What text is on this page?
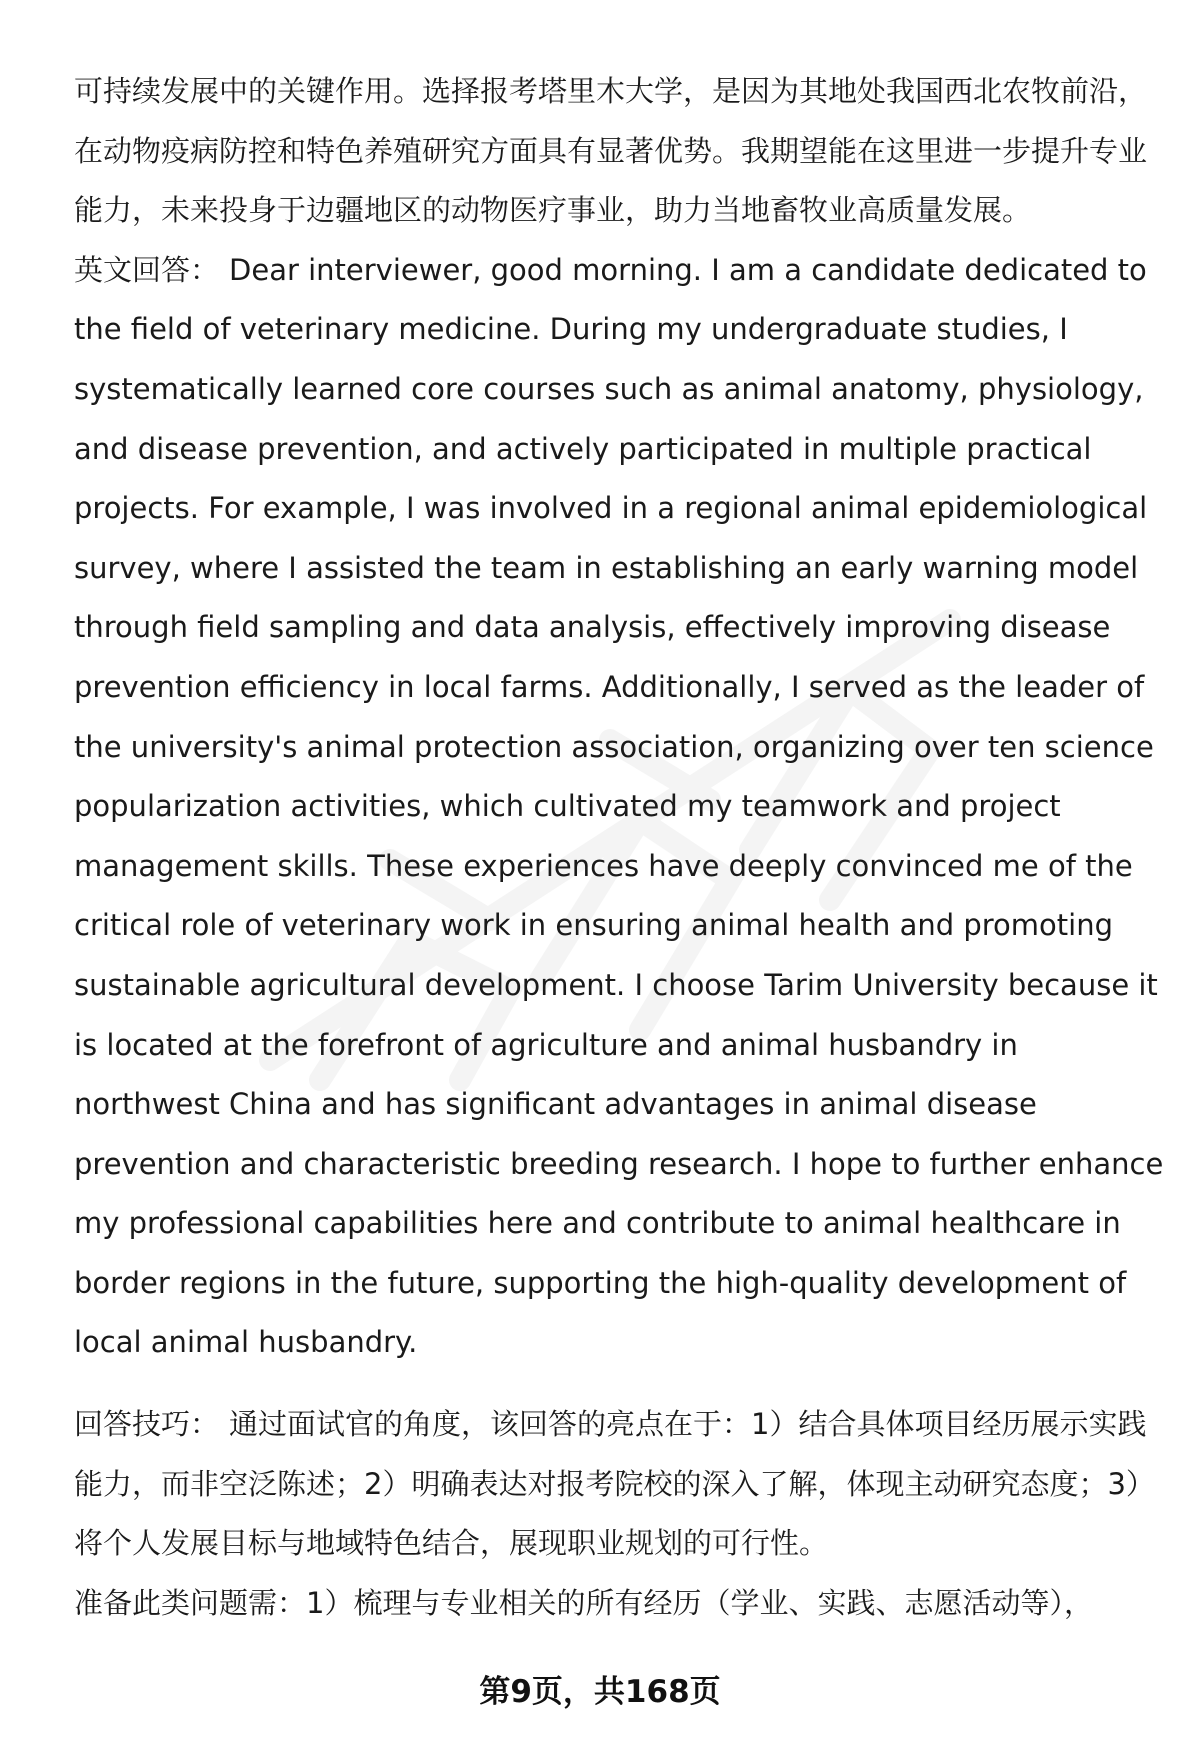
可持续发展中的关键作用。选择报考塔里木大学，是因为其地处我国西北农牧前沿，在动物疫病防控和特色养殖研究方面具有显著优势。我期望能在这里进一步提升专业能力，未来投身于边疆地区的动物医疗事业，助力当地畜牧业高质量发展。

英文回答： Dear interviewer, good morning. I am a candidate dedicated to the field of veterinary medicine. During my undergraduate studies, I systematically learned core courses such as animal anatomy, physiology, and disease prevention, and actively participated in multiple practical projects. For example, I was involved in a regional animal epidemiological survey, where I assisted the team in establishing an early warning model through field sampling and data analysis, effectively improving disease prevention efficiency in local farms. Additionally, I served as the leader of the university's animal protection association, organizing over ten science popularization activities, which cultivated my teamwork and project management skills. These experiences have deeply convinced me of the critical role of veterinary work in ensuring animal health and promoting sustainable agricultural development. I choose Tarim University because it is located at the forefront of agriculture and animal husbandry in northwest China and has significant advantages in animal disease prevention and characteristic breeding research. I hope to further enhance my professional capabilities here and contribute to animal healthcare in border regions in the future, supporting the high-quality development of local animal husbandry.

回答技巧： 通过面试官的角度，该回答的亮点在于：1）结合具体项目经历展示实践能力，而非空泛陈述；2）明确表达对报考院校的深入了解，体现主动研究态度；3）将个人发展目标与地域特色结合，展现职业规划的可行性。

准备此类问题需：1）梳理与专业相关的所有经历（学业、实践、志愿活动等），

第9页，共168页
